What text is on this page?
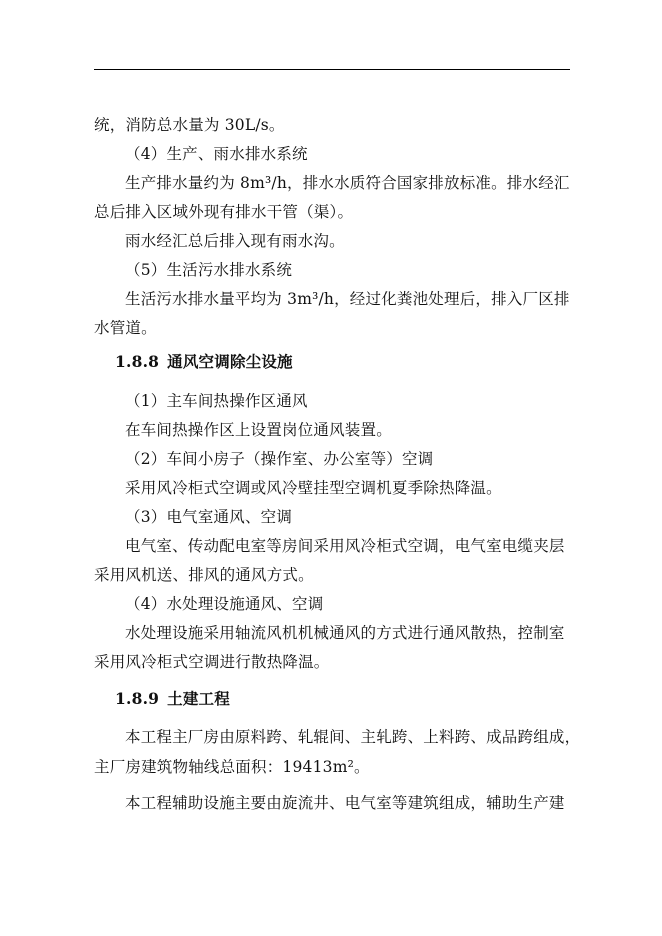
统，消防总水量为 30L/s。
（4）生产、雨水排水系统
生产排水量约为 8m³/h，排水水质符合国家排放标准。排水经汇
总后排入区域外现有排水干管（渠）。
雨水经汇总后排入现有雨水沟。
（5）生活污水排水系统
生活污水排水量平均为 3m³/h，经过化粪池处理后，排入厂区排
水管道。
1.8.8 通风空调除尘设施
（1）主车间热操作区通风
在车间热操作区上设置岗位通风装置。
（2）车间小房子（操作室、办公室等）空调
采用风冷柜式空调或风冷壁挂型空调机夏季除热降温。
（3）电气室通风、空调
电气室、传动配电室等房间采用风冷柜式空调，电气室电缆夹层
采用风机送、排风的通风方式。
（4）水处理设施通风、空调
水处理设施采用轴流风机机械通风的方式进行通风散热，控制室
采用风冷柜式空调进行散热降温。
1.8.9 土建工程
本工程主厂房由原料跨、轧辊间、主轧跨、上料跨、成品跨组成，
主厂房建筑物轴线总面积：19413m²。
本工程辅助设施主要由旋流井、电气室等建筑组成，辅助生产建
